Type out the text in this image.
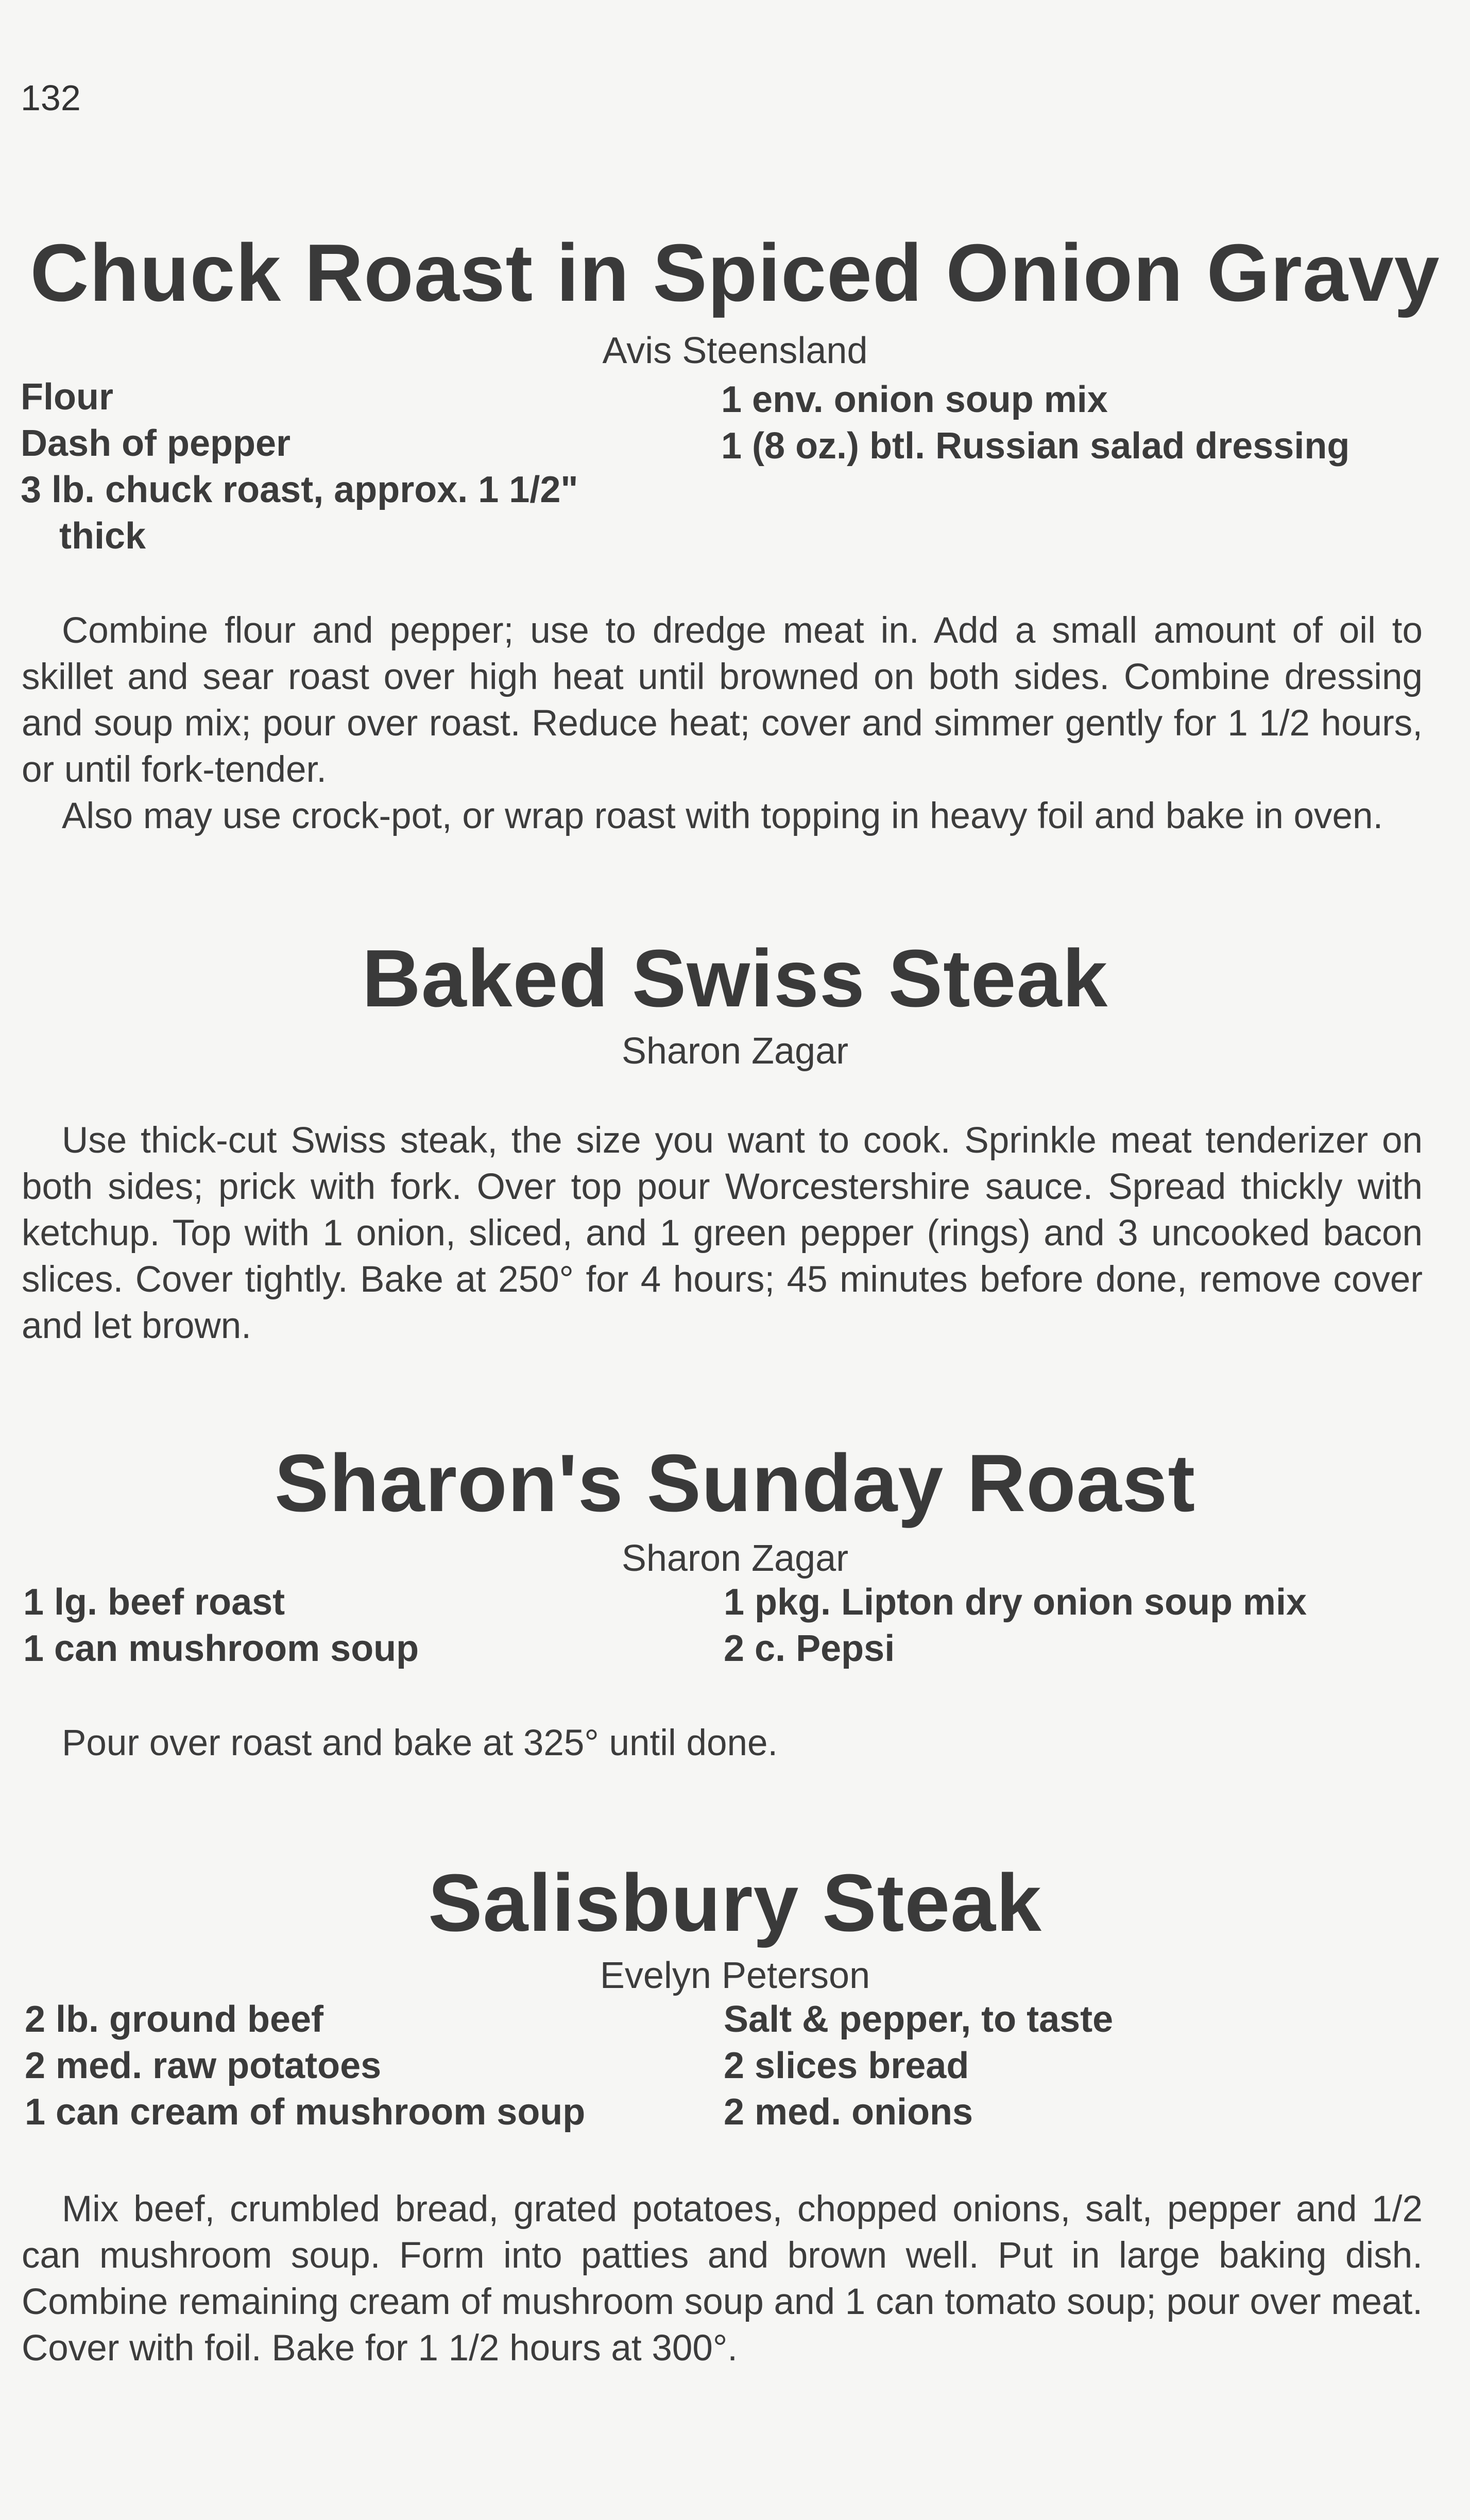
132
Chuck Roast in Spiced Onion Gravy
Avis Steensland
Flour
Dash of pepper
3 lb. chuck roast, approx. 1 1/2"
thick
1 env. onion soup mix
1 (8 oz.) btl. Russian salad dressing
Combine flour and pepper; use to dredge meat in. Add a small amount of oil to skillet and sear roast over high heat until browned on both sides. Combine dressing and soup mix; pour over roast. Reduce heat; cover and simmer gently for 1 1/2 hours, or until fork-tender.
Also may use crock-pot, or wrap roast with topping in heavy foil and bake in oven.
Baked Swiss Steak
Sharon Zagar
Use thick-cut Swiss steak, the size you want to cook. Sprinkle meat tenderizer on both sides; prick with fork. Over top pour Worcestershire sauce. Spread thickly with ketchup. Top with 1 onion, sliced, and 1 green pepper (rings) and 3 uncooked bacon slices. Cover tightly. Bake at 250° for 4 hours; 45 minutes before done, remove cover and let brown.
Sharon's Sunday Roast
Sharon Zagar
1 lg. beef roast
1 can mushroom soup
1 pkg. Lipton dry onion soup mix
2 c. Pepsi
Pour over roast and bake at 325° until done.
Salisbury Steak
Evelyn Peterson
2 lb. ground beef
2 med. raw potatoes
1 can cream of mushroom soup
Salt & pepper, to taste
2 slices bread
2 med. onions
Mix beef, crumbled bread, grated potatoes, chopped onions, salt, pepper and 1/2 can mushroom soup. Form into patties and brown well. Put in large baking dish. Combine remaining cream of mushroom soup and 1 can tomato soup; pour over meat. Cover with foil. Bake for 1 1/2 hours at 300°.
